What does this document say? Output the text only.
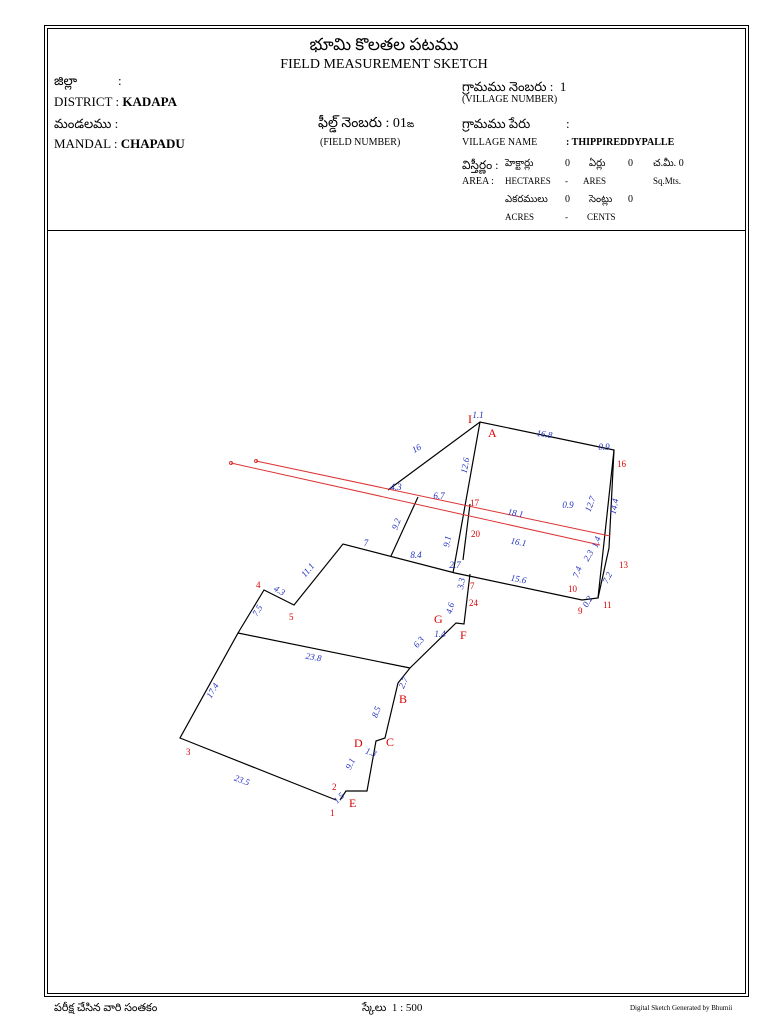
భూమి కొలతల పటము
FIELD MEASUREMENT SKETCH
జిల్లా	:
DISTRICT : KADAPA
మండలము :
MANDAL : CHAPADU
ఫీల్డ్ నెంబరు : 01ఙ
(FIELD NUMBER)
గ్రామము నెంబరు : 1
(VILLAGE NUMBER)
గ్రామము పేరు	:
VILLAGE NAME	: THIPPIREDDYPALLE
విస్తీర్ణం : హెక్టార్లు	0 ఏర్లు 0 చ.మీ. 0
AREA : HECTARES - ARES	Sq.Mts.
ఎకరములు 0 సెంట్లు 0
ACRES	- CENTS
I
A
16
17
20
7
24
13
10
9
11
G
F
4
5
B
D C
3
2
E
1
1.1
16.8
0.9
16
12.6
4.3
6.7
0.9 12.7 14.4
18.1
9.2
9.1	16.1	1.4
7
8.4	2.3
11.1	2.7	7.4 7.2
15.6
3.3
4.3
0.2
7.5	4.6
1.4
6.3
23.8
2.7
8.5
17.4
1.3
9.1
23.5
1.5
పరీక్ష చేసిన వారి సంతకం	స్కేలు 1 : 500	Digital Sketch Generated by Bhumii
